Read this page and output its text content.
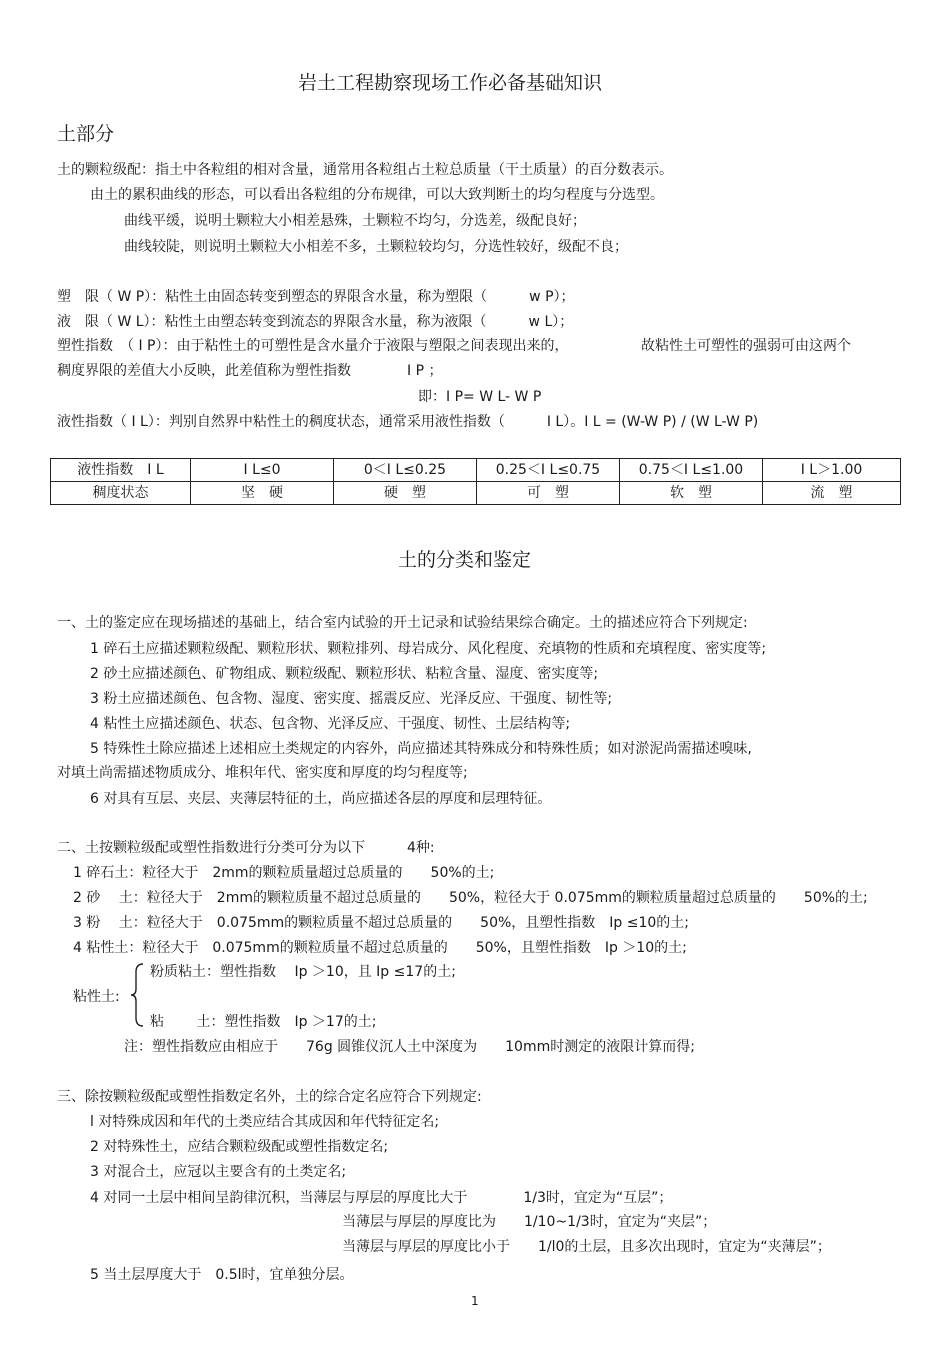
岩土工程勘察现场工作必备基础知识
土部分
土的颗粒级配：指土中各粒组的相对含量，通常用各粒组占土粒总质量（干土质量）的百分数表示。
由土的累积曲线的形态，可以看出各粒组的分布规律，可以大致判断土的均匀程度与分选型。
曲线平缓，说明土颗粒大小相差悬殊，土颗粒不均匀，分选差，级配良好；
曲线较陡，则说明土颗粒大小相差不多，土颗粒较均匀，分选性较好，级配不良；
塑　限（ W P）：粘性土由固态转变到塑态的界限含水量，称为塑限（　　　w P）；
液　限（ W L）：粘性土由塑态转变到流态的界限含水量，称为液限（　　　w L）；
塑性指数　（ I P）：由于粘性土的可塑性是含水量介于液限与塑限之间表现出来的，	故粘性土可塑性的强弱可由这两个
稠度界限的差值大小反映，此差值称为塑性指数　　　　I P ；
即：I P= W L- W P
液性指数（ I L）：判别自然界中粘性土的稠度状态，通常采用液性指数（　　　I L）。I L = (W-W P) / (W L-W P)
液性指数　I L	I L≤0	0＜I L≤0.25	0.25＜I L≤0.75	0.75＜I L≤1.00	I L＞1.00
稠度状态	坚　硬	硬　塑	可　塑	软　塑	流　塑
土的分类和鉴定
一、土的鉴定应在现场描述的基础上，结合室内试验的开土记录和试验结果综合确定。土的描述应符合下列规定:
1 碎石土应描述颗粒级配、颗粒形状、颗粒排列、母岩成分、风化程度、充填物的性质和充填程度、密实度等;
2 砂土应描述颜色、矿物组成、颗粒级配、颗粒形状、粘粒含量、湿度、密实度等;
3 粉土应描述颜色、包含物、湿度、密实度、摇震反应、光泽反应、干强度、韧性等;
4 粘性土应描述颜色、状态、包含物、光泽反应、干强度、韧性、土层结构等;
5 特殊性土除应描述上述相应土类规定的内容外，尚应描述其特殊成分和特殊性质；如对淤泥尚需描述嗅味,
对填土尚需描述物质成分、堆积年代、密实度和厚度的均匀程度等;
6 对具有互层、夹层、夹薄层特征的土，尚应描述各层的厚度和层理特征。
二、土按颗粒级配或塑性指数进行分类可分为以下　　　4种:
1 碎石土：粒径大于　2mm的颗粒质量超过总质量的　　50%的土;
2 砂　 土：粒径大于　2mm的颗粒质量不超过总质量的　　50%，粒径大于 0.075mm的颗粒质量超过总质量的　　50%的土;
3 粉　 土：粒径大于　0.075mm的颗粒质量不超过总质量的　　50%，且塑性指数　Ip ≤10的土;
4 粘性土：粒径大于　0.075mm的颗粒质量不超过总质量的　　50%，且塑性指数　Ip ＞10的土;
粘性土:
粉质粘土：塑性指数　 Ip ＞10，且 Ip ≤17的土;
粘　　 土：塑性指数　Ip ＞17的土;
注：塑性指数应由相应于　　76g 圆锥仪沉人土中深度为　　10mm时测定的液限计算而得;
三、除按颗粒级配或塑性指数定名外，土的综合定名应符合下列规定:
l 对特殊成因和年代的土类应结合其成因和年代特征定名;
2 对特殊性土，应结合颗粒级配或塑性指数定名;
3 对混合土，应冠以主要含有的土类定名;
4 对同一土层中相间呈韵律沉积，当薄层与厚层的厚度比大于　　　　1/3时，宜定为“互层”；
当薄层与厚层的厚度比为　　1/10~1/3时，宜定为“夹层”；
当薄层与厚层的厚度比小于　　1/l0的土层，且多次出现时，宜定为“夹薄层”；
5 当土层厚度大于　0.5l时，宜单独分层。
1
